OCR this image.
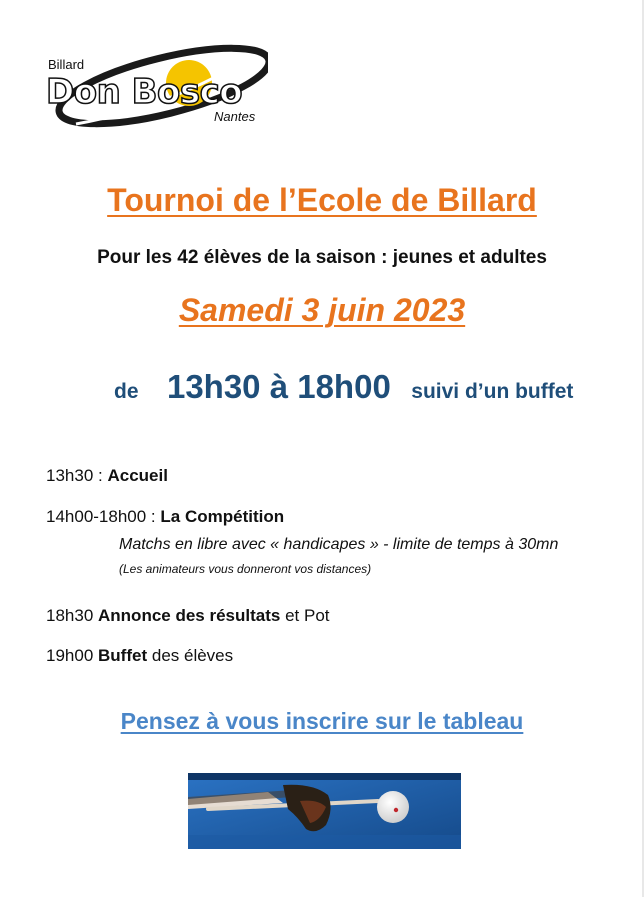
Billard
Don Bosco
Nantes
Tournoi de l’Ecole de Billard
Pour les 42 élèves de la saison : jeunes et adultes
Samedi 3 juin 2023
de 13h30 à 18h00 suivi d’un buffet
13h30 : Accueil
14h00-18h00 : La Compétition
Matchs en libre avec « handicapes » - limite de temps à 30mn
(Les animateurs vous donneront vos distances)
18h30 Annonce des résultats et Pot
19h00 Buffet des élèves
Pensez à vous inscrire sur le tableau
